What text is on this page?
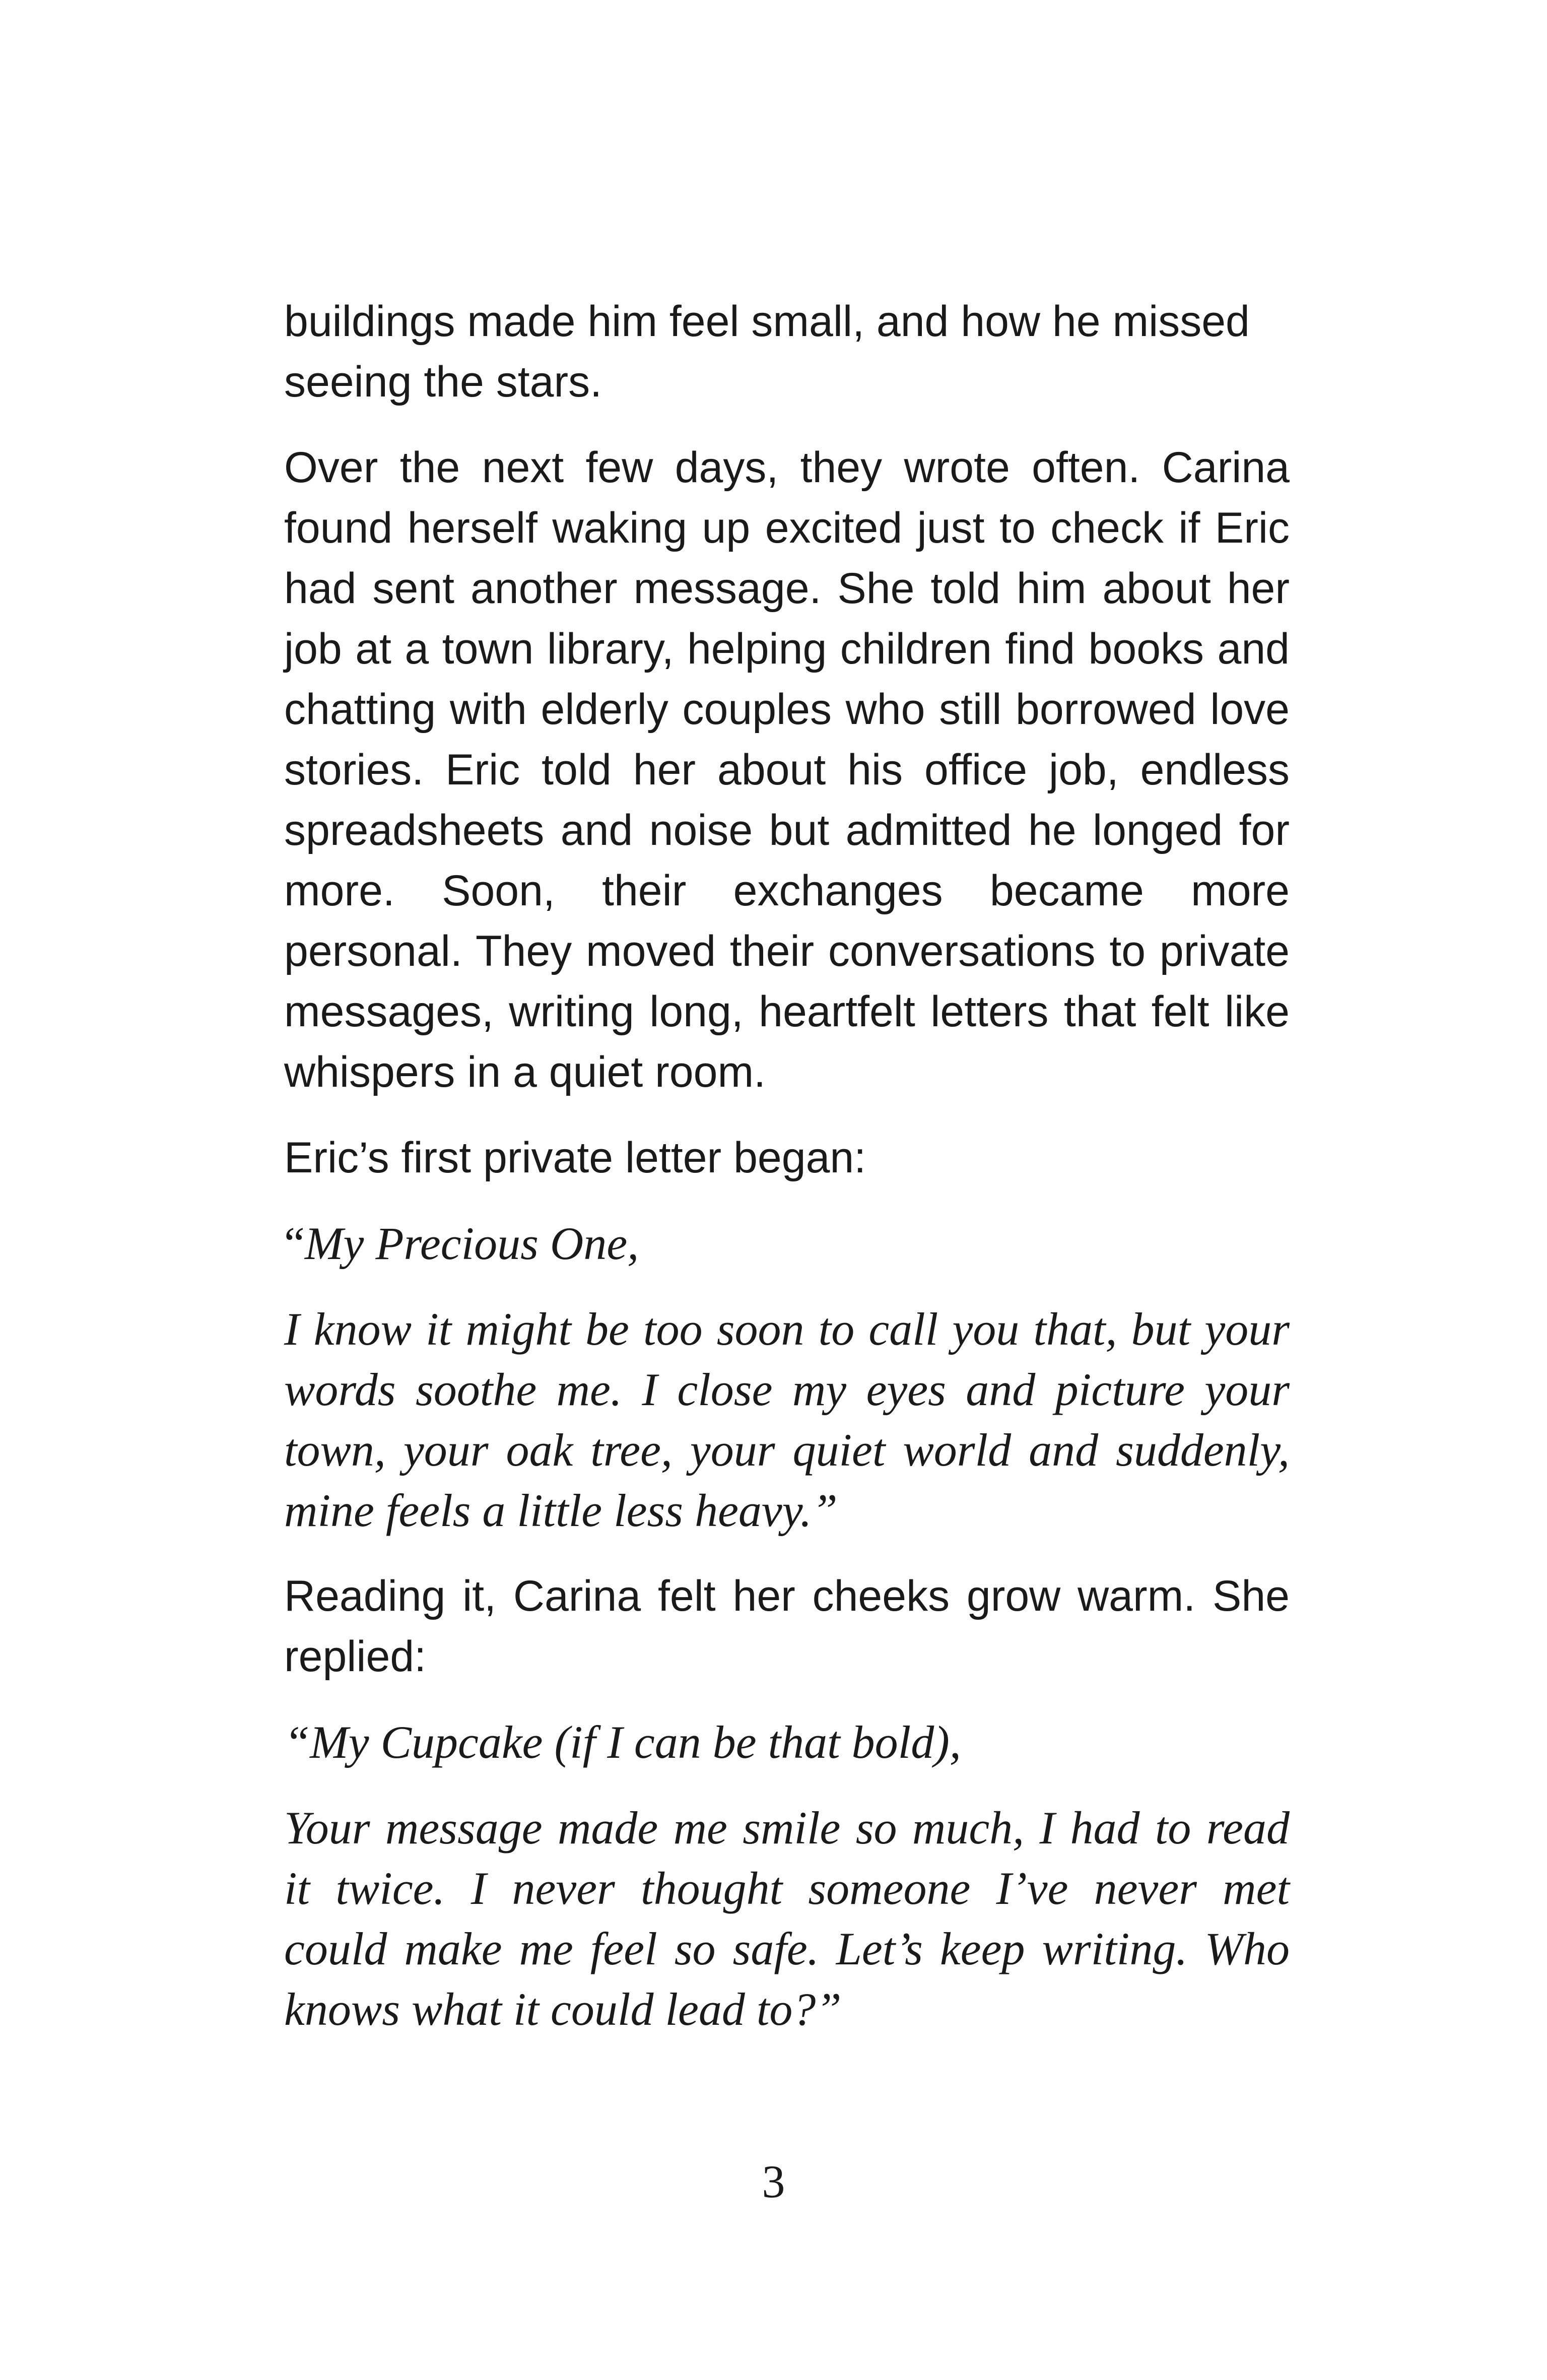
buildings made him feel small, and how he missed seeing the stars.

Over the next few days, they wrote often. Carina found herself waking up excited just to check if Eric had sent another message. She told him about her job at a town library, helping children find books and chatting with elderly couples who still borrowed love stories. Eric told her about his office job, endless spreadsheets and noise but admitted he longed for more. Soon, their exchanges became more personal. They moved their conversations to private messages, writing long, heartfelt letters that felt like whispers in a quiet room.

Eric’s first private letter began:

“My Precious One,

I know it might be too soon to call you that, but your words soothe me. I close my eyes and picture your town, your oak tree, your quiet world and suddenly, mine feels a little less heavy.”

Reading it, Carina felt her cheeks grow warm. She replied:

“My Cupcake (if I can be that bold),

Your message made me smile so much, I had to read it twice. I never thought someone I’ve never met could make me feel so safe. Let’s keep writing. Who knows what it could lead to?”

3
